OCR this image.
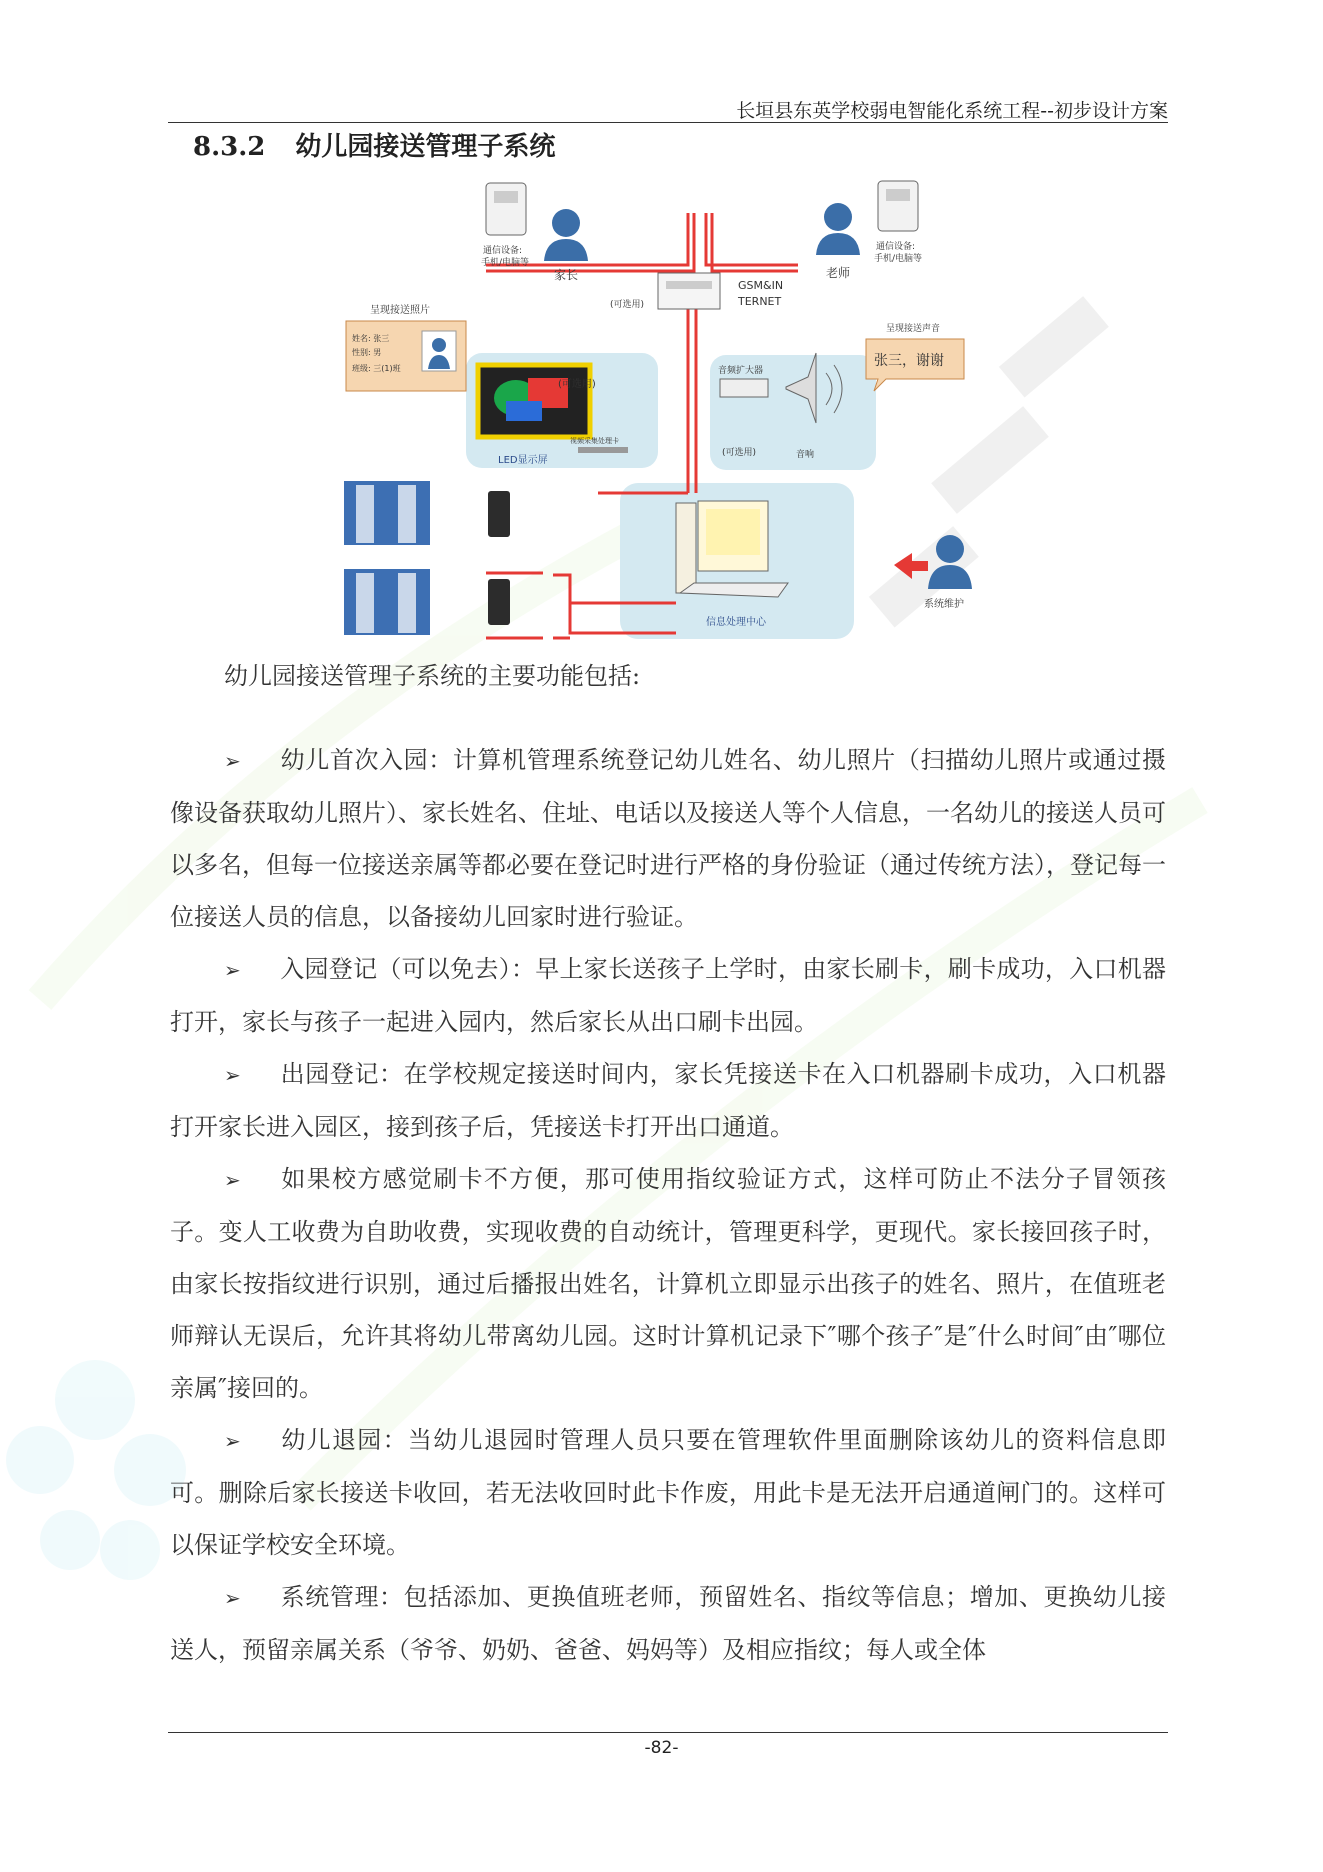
长垣县东英学校弱电智能化系统工程--初步设计方案
8.3.2 幼儿园接送管理子系统
通信设备:
手机/电脑等
家长
(可选用)
GSM&IN
TERNET
老师
通信设备:
手机/电脑等
呈现接送照片
姓名: 张三
性别: 男
班级: 三(1)班
(可选用)
LED显示屏
视频采集处理卡
音频扩大器
(可选用)	音响
呈现接送声音
张三，谢谢
信息处理中心
系统维护
幼儿园接送管理子系统的主要功能包括:

➢ 幼儿首次入园：计算机管理系统登记幼儿姓名、幼儿照片（扫描幼儿照片或通过摄像设备获取幼儿照片）、家长姓名、住址、电话以及接送人等个人信息，一名幼儿的接送人员可以多名，但每一位接送亲属等都必要在登记时进行严格的身份验证（通过传统方法），登记每一位接送人员的信息，以备接幼儿回家时进行验证。

➢ 入园登记（可以免去）：早上家长送孩子上学时，由家长刷卡，刷卡成功，入口机器打开，家长与孩子一起进入园内，然后家长从出口刷卡出园。

➢ 出园登记：在学校规定接送时间内，家长凭接送卡在入口机器刷卡成功，入口机器打开家长进入园区，接到孩子后，凭接送卡打开出口通道。

➢ 如果校方感觉刷卡不方便，那可使用指纹验证方式，这样可防止不法分子冒领孩子。变人工收费为自助收费，实现收费的自动统计，管理更科学，更现代。家长接回孩子时，由家长按指纹进行识别，通过后播报出姓名，计算机立即显示出孩子的姓名、照片，在值班老师辩认无误后，允许其将幼儿带离幼儿园。这时计算机记录下″哪个孩子″是″什么时间″由″哪位亲属″接回的。

➢ 幼儿退园：当幼儿退园时管理人员只要在管理软件里面删除该幼儿的资料信息即可。删除后家长接送卡收回，若无法收回时此卡作废，用此卡是无法开启通道闸门的。这样可以保证学校安全环境。

➢ 系统管理：包括添加、更换值班老师，预留姓名、指纹等信息；增加、更换幼儿接送人，预留亲属关系（爷爷、奶奶、爸爸、妈妈等）及相应指纹；每人或全体

-82-
